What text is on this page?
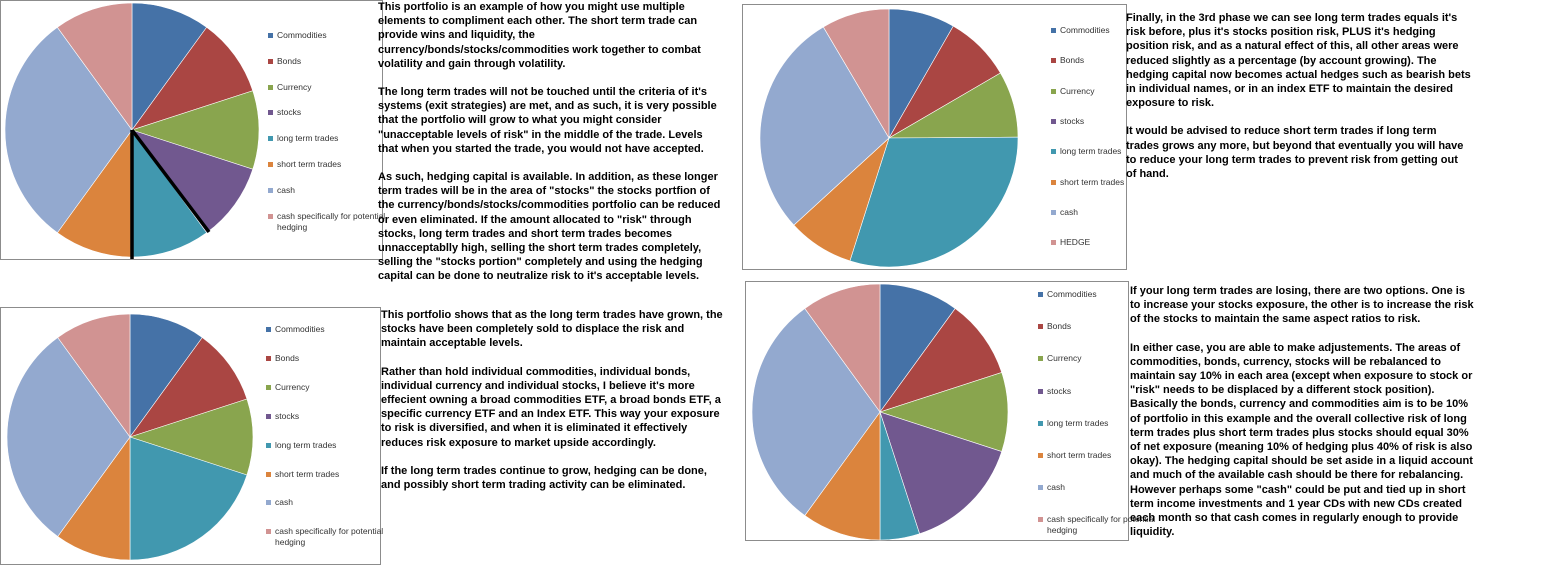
Commodities
Bonds
Currency
stocks
long term trades
short term trades
cash
cash specifically for potential hedging
Commodities
Bonds
Currency
stocks
long term trades
short term trades
cash
cash specifically for potential hedging
Commodities
Bonds
Currency
stocks
long term trades
short term trades
cash
HEDGE
Commodities
Bonds
Currency
stocks
long term trades
short term trades
cash
cash specifically for potential hedging

This portfolio is an example of how you might use multiple elements to compliment each other. The short term trade can provide wins and liquidity, the currency/bonds/stocks/commodities work together to combat volatility and gain through volatility.

The long term trades will not be touched until the criteria of it's systems (exit strategies) are met, and as such, it is very possible that the portfolio will grow to what you might consider "unacceptable levels of risk" in the middle of the trade. Levels that when you started the trade, you would not have accepted.

As such, hedging capital is available. In addition, as these longer term trades will be in the area of "stocks" the stocks portfion of the currency/bonds/stocks/commodities portfolio can be reduced or even eliminated. If the amount allocated to "risk" through stocks, long term trades and short term trades becomes unnacceptablly high, selling the short term trades completely, selling the "stocks portion" completely and using the hedging capital can be done to neutralize risk to it's acceptable levels.

This portfolio shows that as the long term trades have grown, the stocks have been completely sold to displace the risk and maintain acceptable levels.

Rather than hold individual commodities, individual bonds, individual currency and individual stocks, I believe it's more effecient owning a broad commodities ETF, a broad bonds ETF, a specific currency ETF and an Index ETF. This way your exposure to risk is diversified, and when it is eliminated it effectively reduces risk exposure to market upside accordingly.

If the long term trades continue to grow, hedging can be done, and possibly short term trading activity can be eliminated.

Finally, in the 3rd phase we can see long term trades equals it's risk before, plus it's stocks position risk, PLUS it's hedging position risk, and as a natural effect of this, all other areas were reduced slightly as a percentage (by account growing). The hedging capital now becomes actual hedges such as bearish bets in individual names, or in an index ETF to maintain the desired exposure to risk.

It would be advised to reduce short term trades if long term trades grows any more, but beyond that eventually you will have to reduce your long term trades to prevent risk from getting out of hand.

If your long term trades are losing, there are two options. One is to increase your stocks exposure, the other is to increase the risk of the stocks to maintain the same aspect ratios to risk.

In either case, you are able to make adjustements. The areas of commodities, bonds, currency, stocks will be rebalanced to maintain say 10% in each area (except when exposure to stock or "risk" needs to be displaced by a different stock position). Basically the bonds, currency and commodities aim is to be 10% of portfolio in this example and the overall collective risk of long term trades plus short term trades plus stocks should equal 30% of net exposure (meaning 10% of hedging plus 40% of risk is also okay). The hedging capital should be set aside in a liquid account and much of the available cash should be there for rebalancing. However perhaps some "cash" could be put and tied up in short term income investments and 1 year CDs with new CDs created each month so that cash comes in regularly enough to provide liquidity.
